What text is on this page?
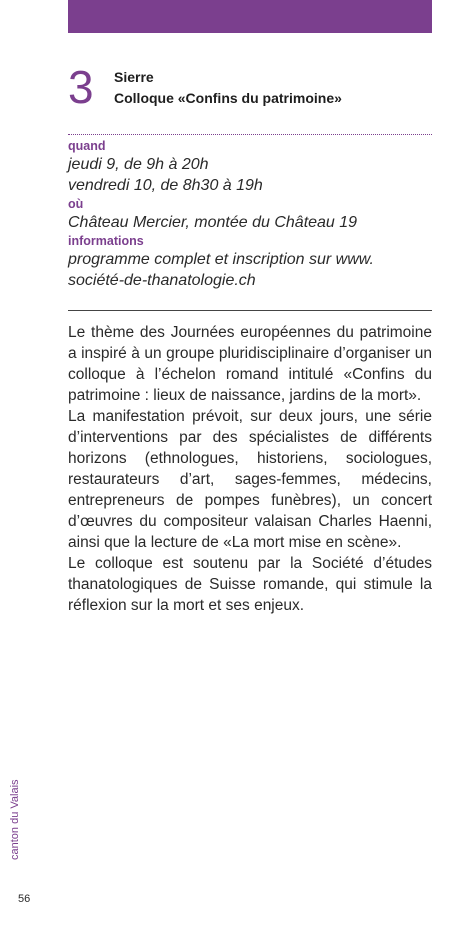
3 Sierre
Colloque «Confins du patrimoine»
quand
jeudi 9, de 9h à 20h
vendredi 10, de 8h30 à 19h
où
Château Mercier, montée du Château 19
informations
programme complet et inscription sur www.
société-de-thanatologie.ch

Le thème des Journées européennes du patrimoine a inspiré à un groupe pluridisciplinaire d’organiser un colloque à l’échelon romand intitulé «Confins du patrimoine : lieux de naissance, jardins de la mort».

La manifestation prévoit, sur deux jours, une série d’interventions par des spécialistes de différents horizons (ethnologues, historiens, sociologues, restaurateurs d’art, sages-femmes, médecins, entrepreneurs de pompes funèbres), un concert d’œuvres du compositeur valaisan Charles Haenni, ainsi que la lecture de «La mort mise en scène».

Le colloque est soutenu par la Société d’études thanatologiques de Suisse romande, qui stimule la réflexion sur la mort et ses enjeux.

canton du Valais
56
